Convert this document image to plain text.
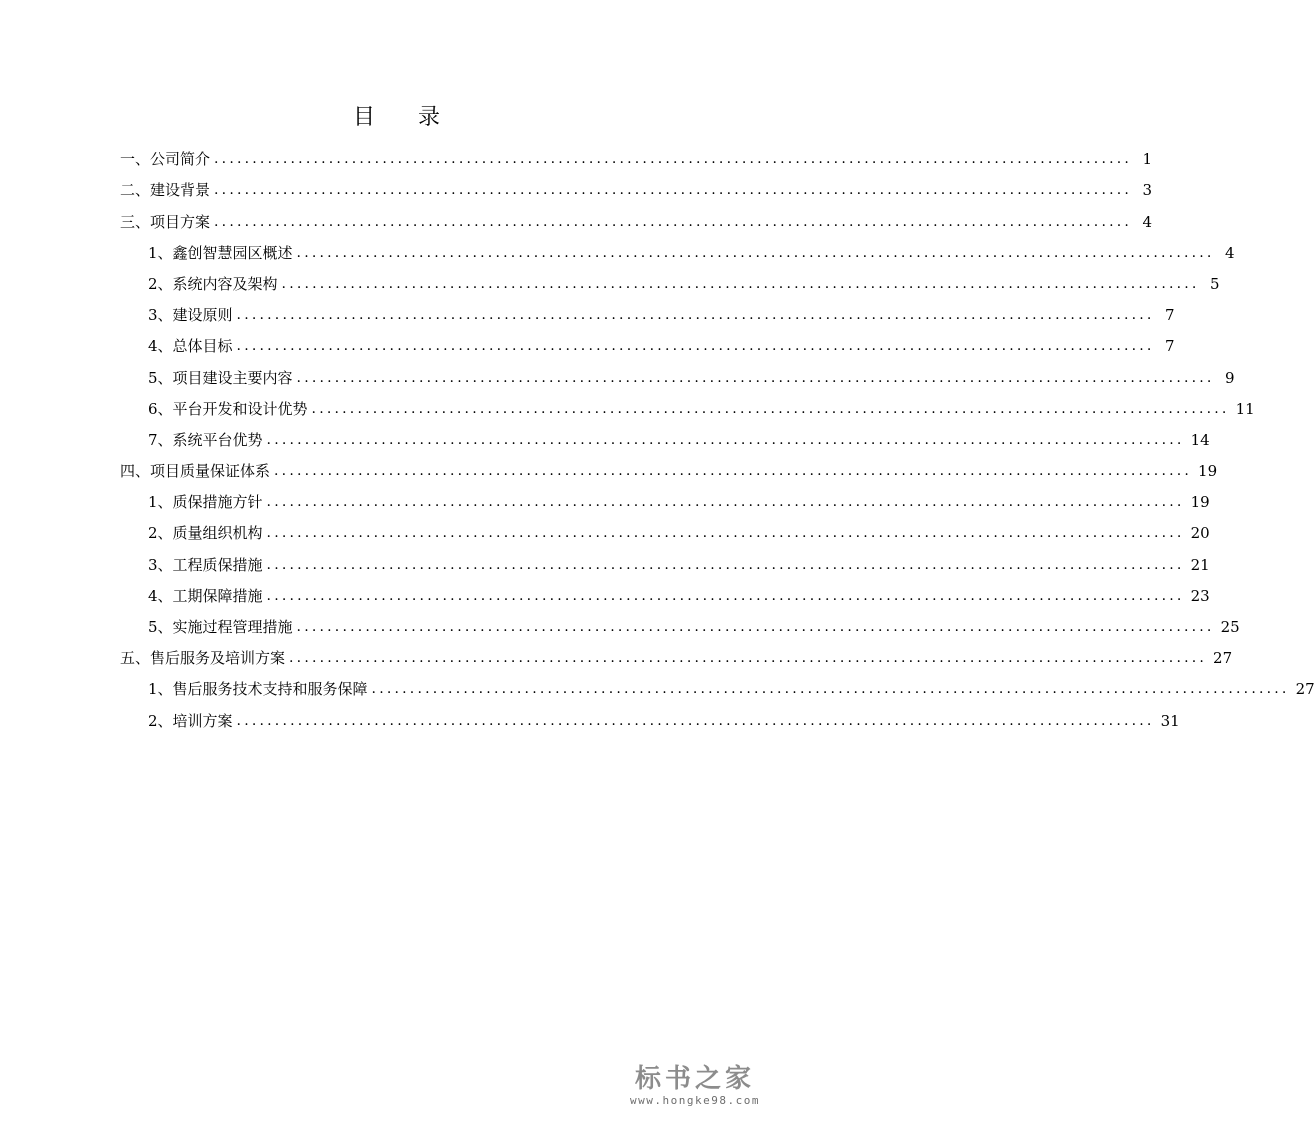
目 录
一、公司简介 ........................................................................................................................ 1
二、建设背景 ........................................................................................................................ 3
三、项目方案 ........................................................................................................................ 4
1、鑫创智慧园区概述 ........................................................................................................................ 4
2、系统内容及架构 ........................................................................................................................ 5
3、建设原则 ........................................................................................................................ 7
4、总体目标 ........................................................................................................................ 7
5、项目建设主要内容 ........................................................................................................................ 9
6、平台开发和设计优势 ........................................................................................................................ 11
7、系统平台优势 ........................................................................................................................ 14
四、项目质量保证体系 ........................................................................................................................ 19
1、质保措施方针 ........................................................................................................................ 19
2、质量组织机构 ........................................................................................................................ 20
3、工程质保措施 ........................................................................................................................ 21
4、工期保障措施 ........................................................................................................................ 23
5、实施过程管理措施 ........................................................................................................................ 25
五、售后服务及培训方案 ........................................................................................................................ 27
1、售后服务技术支持和服务保障 ........................................................................................................................ 27
2、培训方案 ........................................................................................................................ 31
标书之家
www.hongke98.com
